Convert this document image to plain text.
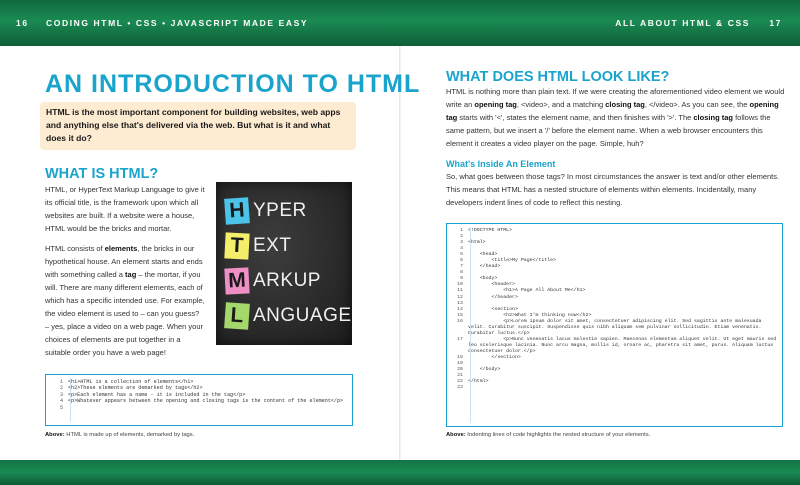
16 CODING HTML • CSS • JAVASCRIPT MADE EASY	ALL ABOUT HTML & CSS 17
AN INTRODUCTION TO HTML
HTML is the most important component for building websites, web apps and anything else that's delivered via the web. But what is it and what does it do?
WHAT IS HTML?
HTML, or HyperText Markup Language to give it its official title, is the framework upon which all websites are built. If a website were a house, HTML would be the bricks and mortar.
HTML consists of elements, the bricks in our hypothetical house. An element starts and ends with something called a tag – the mortar, if you will. There are many different elements, each of which has a specific intended use. For example, the video element is used to – can you guess? – yes, place a video on a web page. When your choices of elements are put together in a suitable order you have a web page!
H YPER
T EXT
M ARKUP
L ANGUAGE
1 <h1>HTML is a collection of elements</h1>
2 <h2>These elements are demarked by tags</h2>
3 <p>Each element has a name - it is included in the tag</p>
4 <p>Whatever appears between the opening and closing tags is the content of the element</p>
5
Above: HTML is made up of elements, demarked by tags.
WHAT DOES HTML LOOK LIKE?
HTML is nothing more than plain text. If we were creating the aforementioned video element we would write an opening tag, <video>, and a matching closing tag, </video>. As you can see, the opening tag starts with '<', states the element name, and then finishes with '>'. The closing tag follows the same pattern, but we insert a '/' before the element name. When a web browser encounters this element it creates a video player on the page. Simple, huh?
What's Inside An Element
So, what goes between those tags? In most circumstances the answer is text and/or other elements. This means that HTML has a nested structure of elements within elements. Incidentally, many developers indent lines of code to reflect this nesting.
1	<!DOCTYPE HTML>
2
3	<html>
4
5	<head>
6	<title>My Page</title>
7	</head>
8
9	<body>
10	<header>
11	<h1>A Page All About Me</h1>
12	</header>
13
14	<section>
15	<h2>What I'm thinking now</h2>
16	<p>Lorem ipsum dolor sit amet, consectetuer adipiscing elit. Sed sagittis ante malesuada velit. Curabitur suscipit. Suspendisse quis nibh aliquam sem pulvinar sollicitudin. Etiam venenatis. Curabitur luctus.</p>
17	<p>Nunc venenatis lacus molestie sapien. Maecenas elementum aliquet velit. Ut eget mauris sed leo scelerisque lacinia. Nunc arcu magna, mollis id, ornare ac, pharetra sit amet, purus. Aliquam luctus consectetuer dolor.</p>
18	</section>
19
20	</body>
21
22	</html>
23
Above: Indenting lines of code highlights the nested structure of your elements.
